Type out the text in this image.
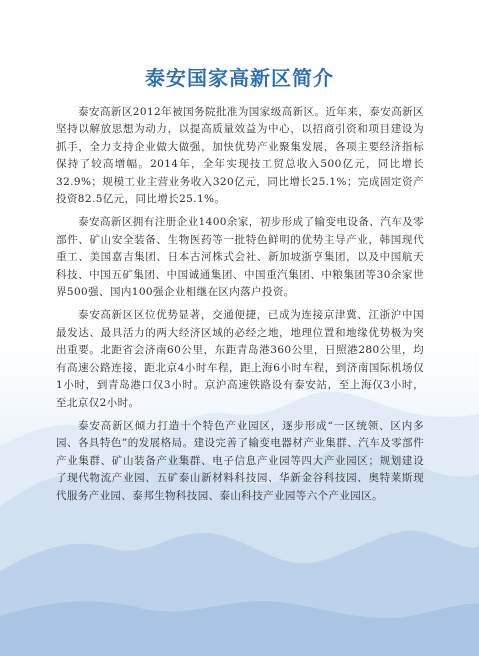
泰安国家高新区简介

泰安高新区2012年被国务院批准为国家级高新区。近年来，泰安高新区坚持以解放思想为动力，以提高质量效益为中心，以招商引资和项目建设为抓手，全力支持企业做大做强，加快优势产业聚集发展，各项主要经济指标保持了较高增幅。2014年，全年实现技工贸总收入500亿元，同比增长32.9%；规模工业主营业务收入320亿元，同比增长25.1%；完成固定资产投资82.5亿元，同比增长25.1%。

泰安高新区拥有注册企业1400余家，初步形成了输变电设备、汽车及零部件、矿山安全装备、生物医药等一批特色鲜明的优势主导产业，韩国现代重工、美国嘉吉集团、日本古河株式会社、新加坡浙亨集团，以及中国航天科技、中国五矿集团、中国诚通集团、中国重汽集团、中粮集团等30余家世界500强、国内100强企业相继在区内落户投资。

泰安高新区区位优势显著，交通便捷，已成为连接京津冀、江浙沪中国最发达、最具活力的两大经济区域的必经之地，地理位置和地缘优势极为突出重要。北距省会济南60公里，东距青岛港360公里，日照港280公里，均有高速公路连接，距北京4小时车程，距上海6小时车程，到济南国际机场仅1小时，到青岛港口仅3小时。京沪高速铁路设有泰安站，至上海仅3小时，至北京仅2小时。

泰安高新区倾力打造十个特色产业园区，逐步形成“一区统领、区内多园、各具特色”的发展格局。建设完善了输变电器材产业集群、汽车及零部件产业集群、矿山装备产业集群、电子信息产业园等四大产业园区；规划建设了现代物流产业园、五矿泰山新材料科技园、华新金谷科技园、奥特莱斯现代服务产业园、泰邦生物科技园、泰山科技产业园等六个产业园区。
